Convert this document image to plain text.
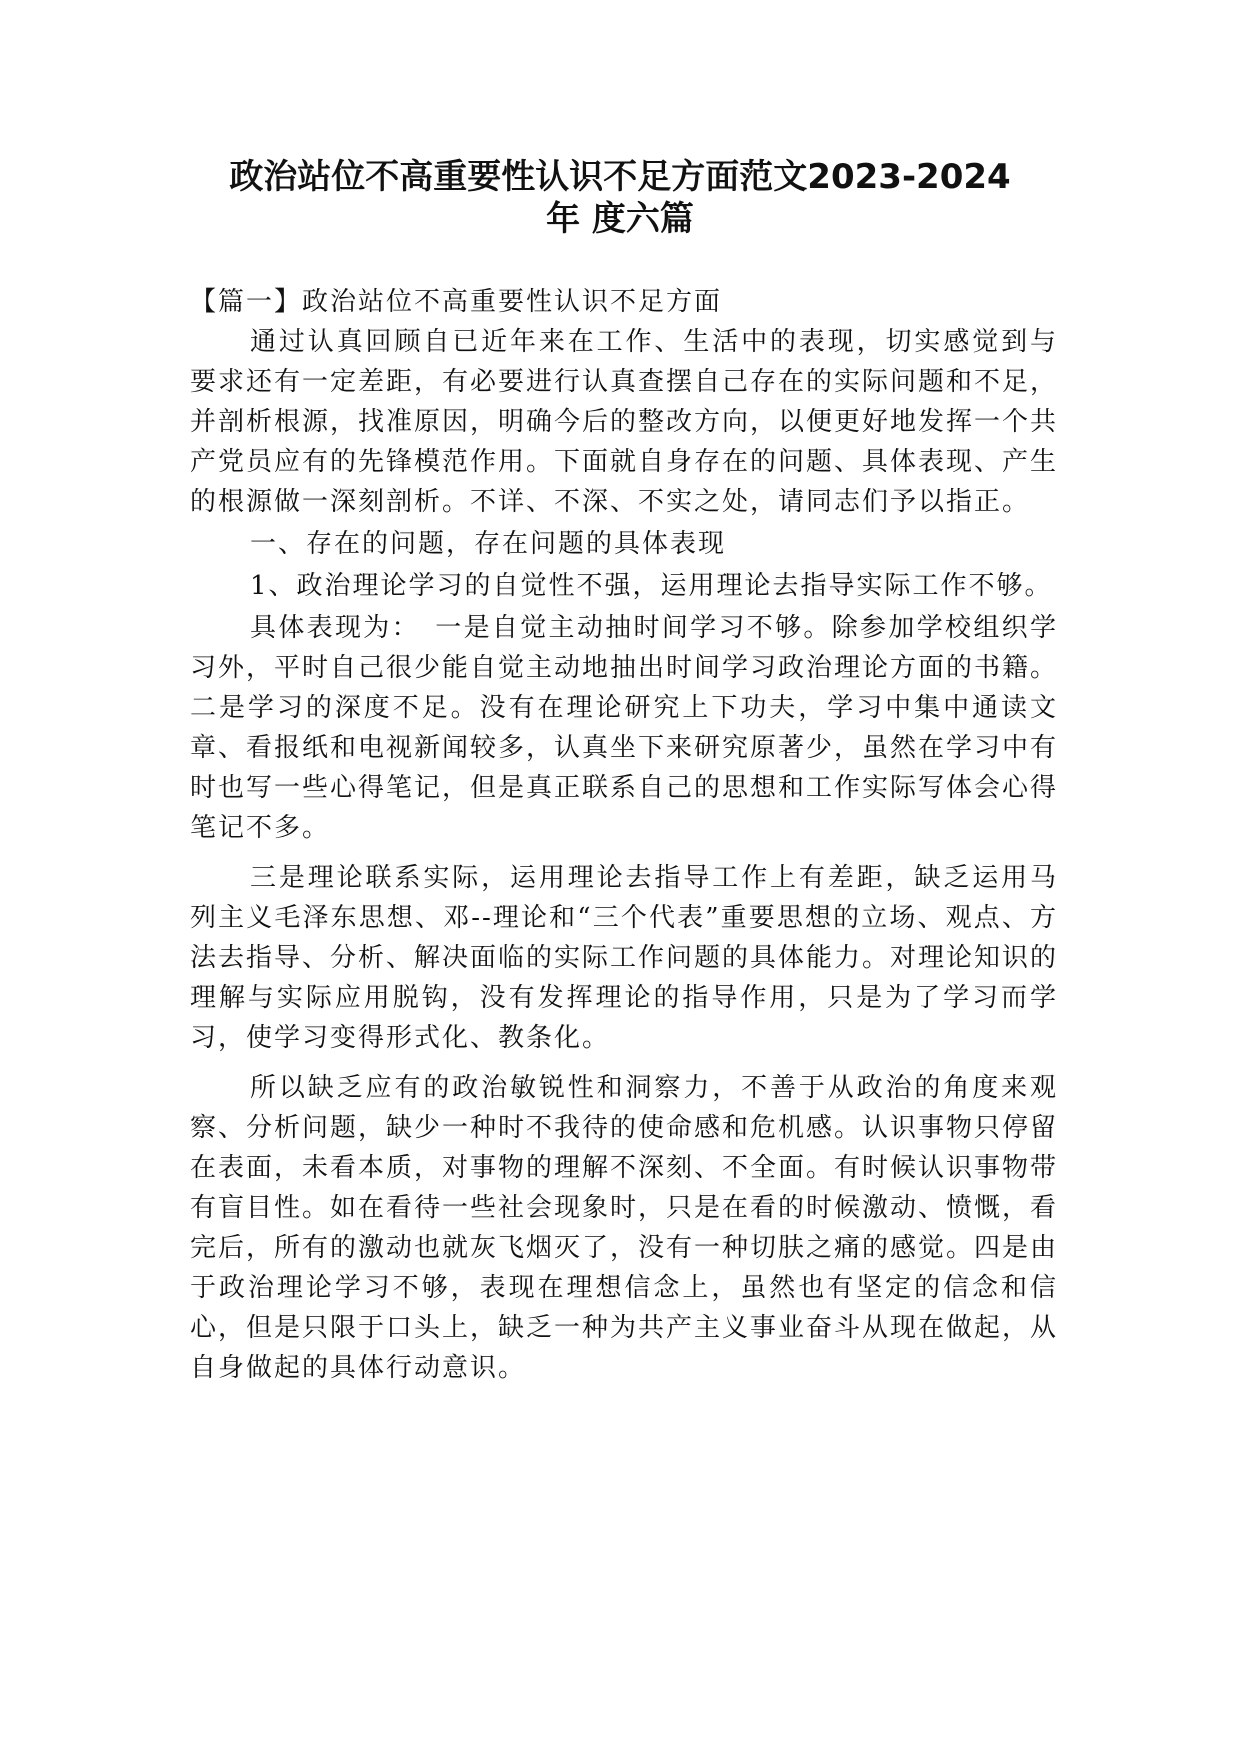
政治站位不高重要性认识不足方面范文2023-2024
年 度六篇

【篇一】政治站位不高重要性认识不足方面

通过认真回顾自已近年来在工作、生活中的表现，切实感觉到与要求还有一定差距，有必要进行认真查摆自己存在的实际问题和不足，并剖析根源，找准原因，明确今后的整改方向，以便更好地发挥一个共产党员应有的先锋模范作用。下面就自身存在的问题、具体表现、产生的根源做一深刻剖析。不详、不深、不实之处，请同志们予以指正。

一、存在的问题，存在问题的具体表现

1、政治理论学习的自觉性不强，运用理论去指导实际工作不够。

具体表现为：　一是自觉主动抽时间学习不够。除参加学校组织学习外，平时自己很少能自觉主动地抽出时间学习政治理论方面的书籍。二是学习的深度不足。没有在理论研究上下功夫，学习中集中通读文章、看报纸和电视新闻较多，认真坐下来研究原著少，虽然在学习中有时也写一些心得笔记，但是真正联系自己的思想和工作实际写体会心得笔记不多。

三是理论联系实际，运用理论去指导工作上有差距，缺乏运用马列主义毛泽东思想、邓--理论和“三个代表”重要思想的立场、观点、方法去指导、分析、解决面临的实际工作问题的具体能力。对理论知识的理解与实际应用脱钩，没有发挥理论的指导作用，只是为了学习而学习，使学习变得形式化、教条化。

所以缺乏应有的政治敏锐性和洞察力，不善于从政治的角度来观察、分析问题，缺少一种时不我待的使命感和危机感。认识事物只停留在表面，未看本质，对事物的理解不深刻、不全面。有时候认识事物带有盲目性。如在看待一些社会现象时，只是在看的时候激动、愤慨，看完后，所有的激动也就灰飞烟灭了，没有一种切肤之痛的感觉。四是由于政治理论学习不够，表现在理想信念上，虽然也有坚定的信念和信心，但是只限于口头上，缺乏一种为共产主义事业奋斗从现在做起，从自身做起的具体行动意识。
